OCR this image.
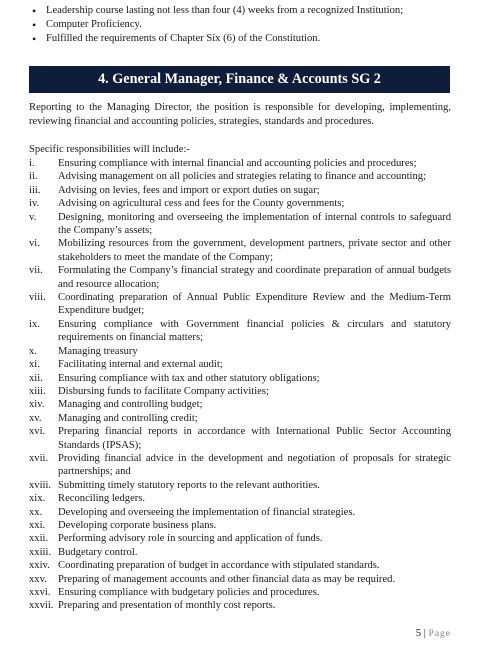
• Leadership course lasting not less than four (4) weeks from a recognized Institution;
• Computer Proficiency.
• Fulfilled the requirements of Chapter Six (6) of the Constitution.
4. General Manager, Finance & Accounts SG 2

Reporting to the Managing Director, the position is responsible for developing, implementing, reviewing financial and accounting policies, strategies, standards and procedures.

Specific responsibilities will include:-

i.	Ensuring compliance with internal financial and accounting policies and procedures;
ii.	Advising management on all policies and strategies relating to finance and accounting;
iii.	Advising on levies, fees and import or export duties on sugar;
iv.	Advising on agricultural cess and fees for the County governments;
v.	Designing, monitoring and overseeing the implementation of internal controls to safeguard the Company’s assets;
vi.	Mobilizing resources from the government, development partners, private sector and other stakeholders to meet the mandate of the Company;
vii.	Formulating the Company’s financial strategy and coordinate preparation of annual budgets and resource allocation;
viii.	Coordinating preparation of Annual Public Expenditure Review and the Medium-Term Expenditure budget;
ix.	Ensuring compliance with Government financial policies & circulars and statutory requirements on financial matters;
x.	Managing treasury
xi.	Facilitating internal and external audit;
xii.	Ensuring compliance with tax and other statutory obligations;
xiii.	Disbursing funds to facilitate Company activities;
xiv.	Managing and controlling budget;
xv.	Managing and controlling credit;
xvi.	Preparing financial reports in accordance with International Public Sector Accounting Standards (IPSAS);
xvii. Providing financial advice in the development and negotiation of proposals for strategic partnerships; and
xviii. Submitting timely statutory reports to the relevant authorities.
xix.	Reconciling ledgers.
xx.	Developing and overseeing the implementation of financial strategies.
xxi.	Developing corporate business plans.
xxii. Performing advisory role in sourcing and application of funds.
xxiii. Budgetary control.
xxiv. Coordinating preparation of budget in accordance with stipulated standards.
xxv.	Preparing of management accounts and other financial data as may be required.
xxvi. Ensuring compliance with budgetary policies and procedures.
xxvii. Preparing and presentation of monthly cost reports.
5 | Page
